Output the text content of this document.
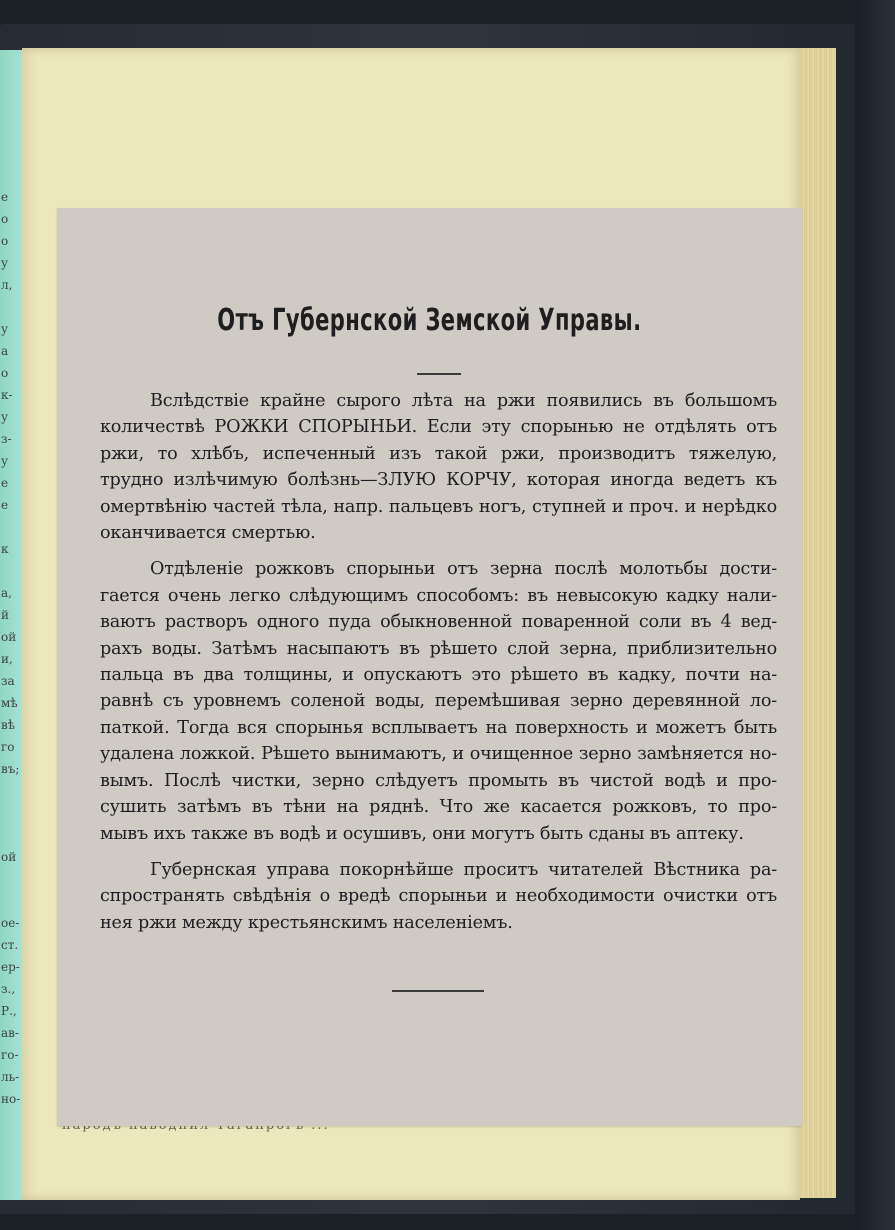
е
о
о
у
л,
у
а
о
к-
у
з-
у
е
е
к
а,
й
ой
и,
за
мѣ
вѣ
го
въ;
ой
ое-
ст.
ер-
з.,
Р.,
ав-
го-
ль-
но-
Отъ Губернской Земской Управы.
Вслѣдствіе крайне сырого лѣта на ржи появились въ большомъ
количествѣ РОЖКИ СПОРЫНЬИ. Если эту спорынью не отдѣлять отъ
ржи, то хлѣбъ, испеченный изъ такой ржи, производитъ тяжелую,
трудно излѣчимую болѣзнь—ЗЛУЮ КОРЧУ, которая иногда ведетъ къ
омертвѣнію частей тѣла, напр. пальцевъ ногъ, ступней и проч. и нерѣдко
оканчивается смертью.
Отдѣленіе рожковъ спорыньи отъ зерна послѣ молотьбы дости-
гается очень легко слѣдующимъ способомъ: въ невысокую кадку нали-
ваютъ растворъ одного пуда обыкновенной поваренной соли въ 4 вед-
рахъ воды. Затѣмъ насыпаютъ въ рѣшето слой зерна, приблизительно
пальца въ два толщины, и опускаютъ это рѣшето въ кадку, почти на-
равнѣ съ уровнемъ соленой воды, перемѣшивая зерно деревянной ло-
паткой. Тогда вся спорынья всплываетъ на поверхность и можетъ быть
удалена ложкой. Рѣшето вынимаютъ, и очищенное зерно замѣняется но-
вымъ. Послѣ чистки, зерно слѣдуетъ промыть въ чистой водѣ и про-
сушить затѣмъ въ тѣни на ряднѣ. Что же касается рожковъ, то про-
мывъ ихъ также въ водѣ и осушивъ, они могутъ быть сданы въ аптеку.
Губернская управа покорнѣйше проситъ читателей Вѣстника ра-
спространять свѣдѣнія о вредѣ спорыньи и необходимости очистки отъ
нея ржи между крестьянскимъ населеніемъ.
